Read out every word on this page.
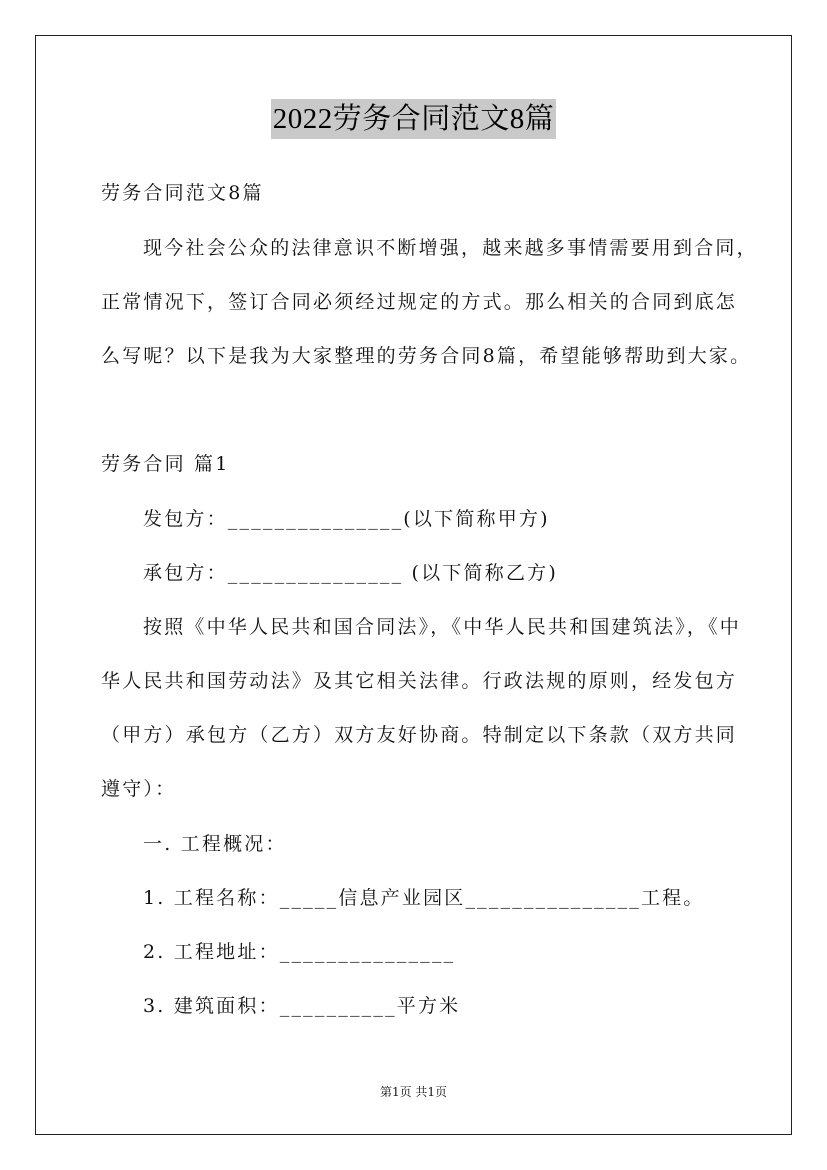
2022劳务合同范文8篇
劳务合同范文8篇
现今社会公众的法律意识不断增强，越来越多事情需要用到合同，
正常情况下，签订合同必须经过规定的方式。那么相关的合同到底怎
么写呢？以下是我为大家整理的劳务合同8篇，希望能够帮助到大家。
劳务合同 篇1
发包方：_______________(以下简称甲方)
承包方：_______________ (以下简称乙方)
按照《中华人民共和国合同法》，《中华人民共和国建筑法》，《中
华人民共和国劳动法》及其它相关法律。行政法规的原则，经发包方
（甲方）承包方（乙方）双方友好协商。特制定以下条款（双方共同
遵守）：
一. 工程概况：
1. 工程名称：_____信息产业园区_______________工程。
2. 工程地址：_______________
3. 建筑面积：__________平方米
第1页 共1页
